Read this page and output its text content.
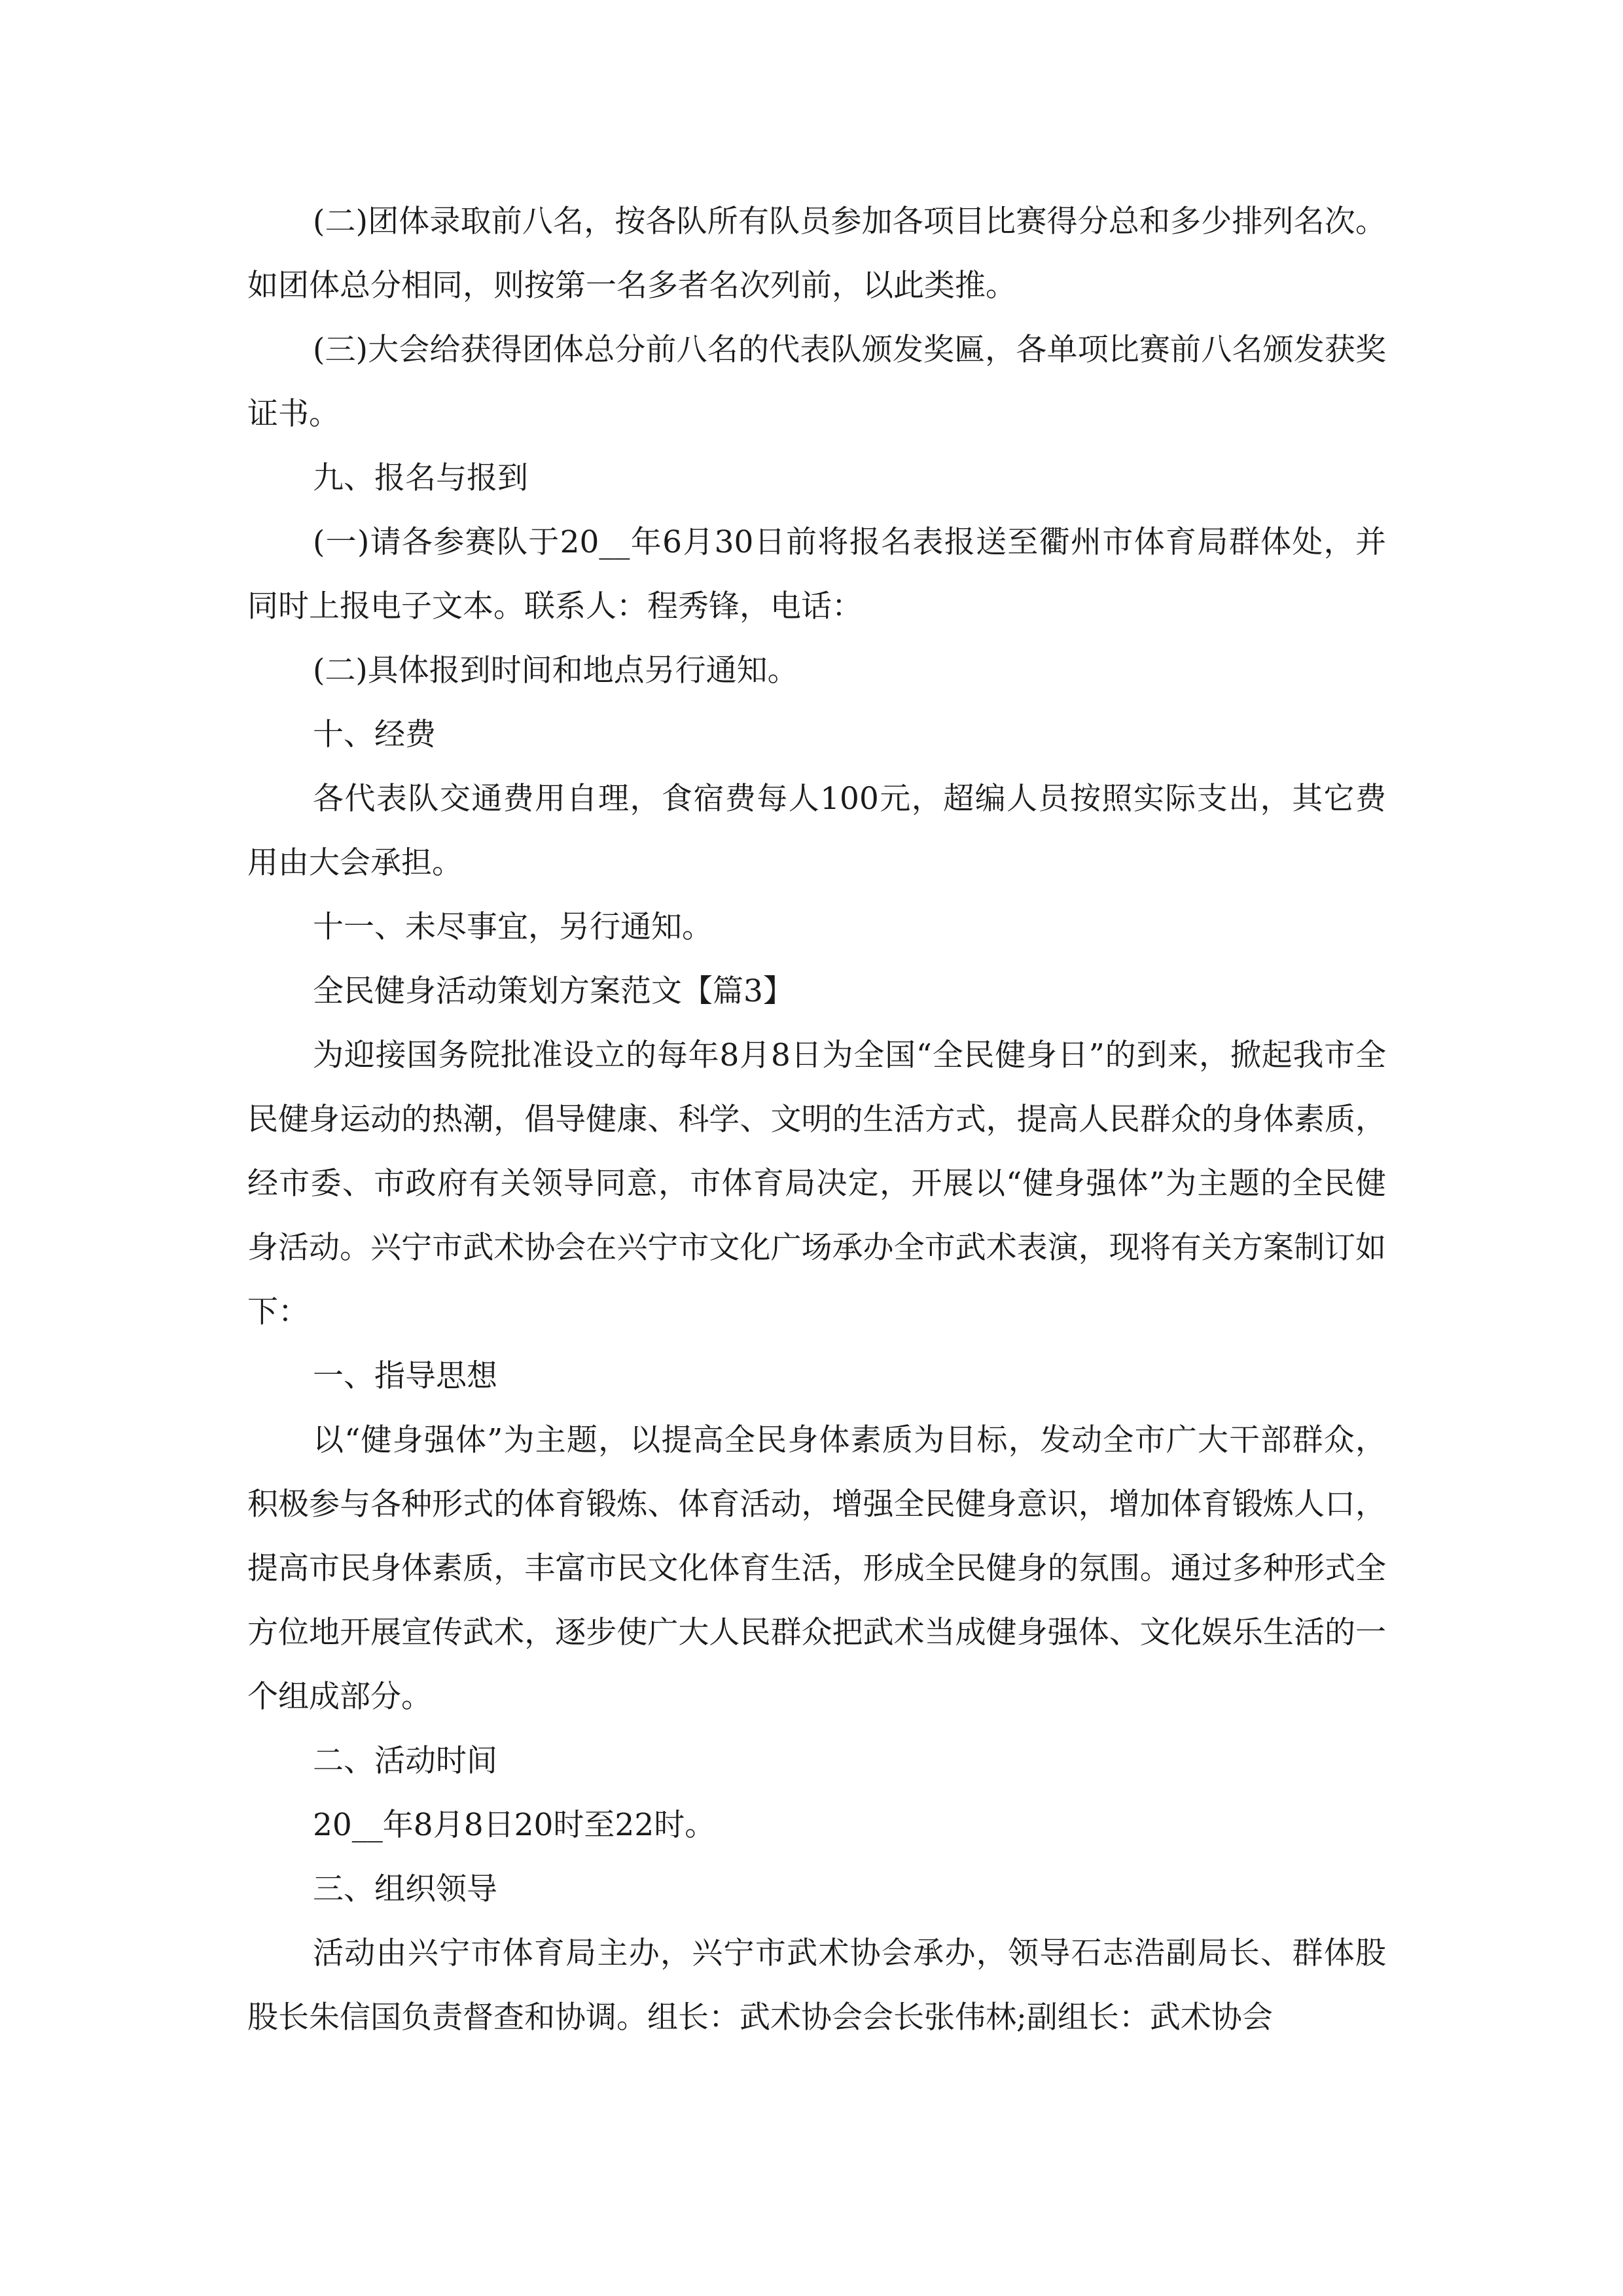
(二)团体录取前八名，按各队所有队员参加各项目比赛得分总和多少排列名次。如团体总分相同，则按第一名多者名次列前，以此类推。

(三)大会给获得团体总分前八名的代表队颁发奖匾，各单项比赛前八名颁发获奖证书。

九、报名与报到

(一)请各参赛队于20__年6月30日前将报名表报送至衢州市体育局群体处，并同时上报电子文本。联系人：程秀锋，电话：

(二)具体报到时间和地点另行通知。

十、经费

各代表队交通费用自理，食宿费每人100元，超编人员按照实际支出，其它费用由大会承担。

十一、未尽事宜，另行通知。

全民健身活动策划方案范文【篇3】

为迎接国务院批准设立的每年8月8日为全国“全民健身日”的到来，掀起我市全民健身运动的热潮，倡导健康、科学、文明的生活方式，提高人民群众的身体素质，经市委、市政府有关领导同意，市体育局决定，开展以“健身强体”为主题的全民健身活动。兴宁市武术协会在兴宁市文化广场承办全市武术表演，现将有关方案制订如下：

一、指导思想

以“健身强体”为主题，以提高全民身体素质为目标，发动全市广大干部群众，积极参与各种形式的体育锻炼、体育活动，增强全民健身意识，增加体育锻炼人口，提高市民身体素质，丰富市民文化体育生活，形成全民健身的氛围。通过多种形式全方位地开展宣传武术，逐步使广大人民群众把武术当成健身强体、文化娱乐生活的一个组成部分。

二、活动时间

20__年8月8日20时至22时。

三、组织领导

活动由兴宁市体育局主办，兴宁市武术协会承办，领导石志浩副局长、群体股股长朱信国负责督查和协调。组长：武术协会会长张伟林;副组长：武术协会
